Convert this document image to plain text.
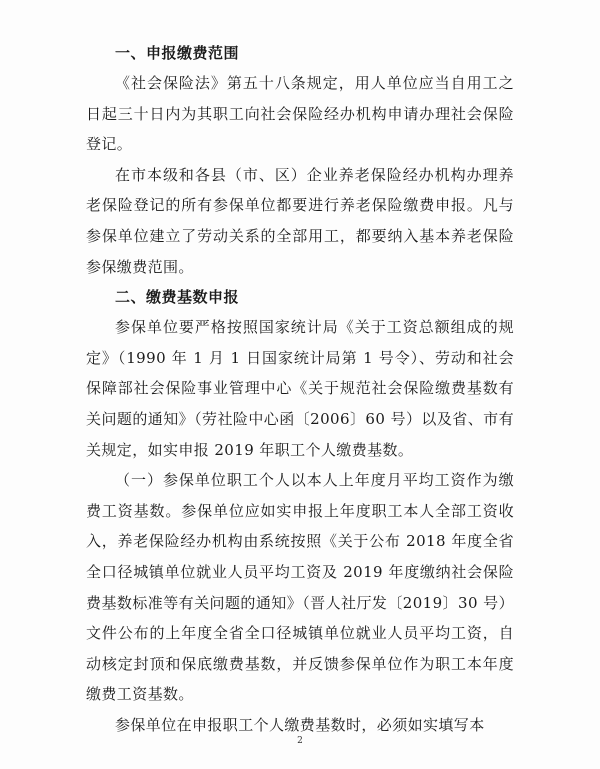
一、申报缴费范围

《社会保险法》第五十八条规定，用人单位应当自用工之日起三十日内为其职工向社会保险经办机构申请办理社会保险登记。

在市本级和各县（市、区）企业养老保险经办机构办理养老保险登记的所有参保单位都要进行养老保险缴费申报。凡与参保单位建立了劳动关系的全部用工，都要纳入基本养老保险参保缴费范围。

二、缴费基数申报

参保单位要严格按照国家统计局《关于工资总额组成的规定》（1990 年 1 月 1 日国家统计局第 1 号令）、劳动和社会保障部社会保险事业管理中心《关于规范社会保险缴费基数有关问题的通知》（劳社险中心函〔2006〕60 号）以及省、市有关规定，如实申报 2019 年职工个人缴费基数。

（一）参保单位职工个人以本人上年度月平均工资作为缴费工资基数。参保单位应如实申报上年度职工本人全部工资收入，养老保险经办机构由系统按照《关于公布 2018 年度全省全口径城镇单位就业人员平均工资及 2019 年度缴纳社会保险费基数标准等有关问题的通知》（晋人社厅发〔2019〕30 号）文件公布的上年度全省全口径城镇单位就业人员平均工资，自动核定封顶和保底缴费基数，并反馈参保单位作为职工本年度缴费工资基数。

参保单位在申报职工个人缴费基数时，必须如实填写本

2
